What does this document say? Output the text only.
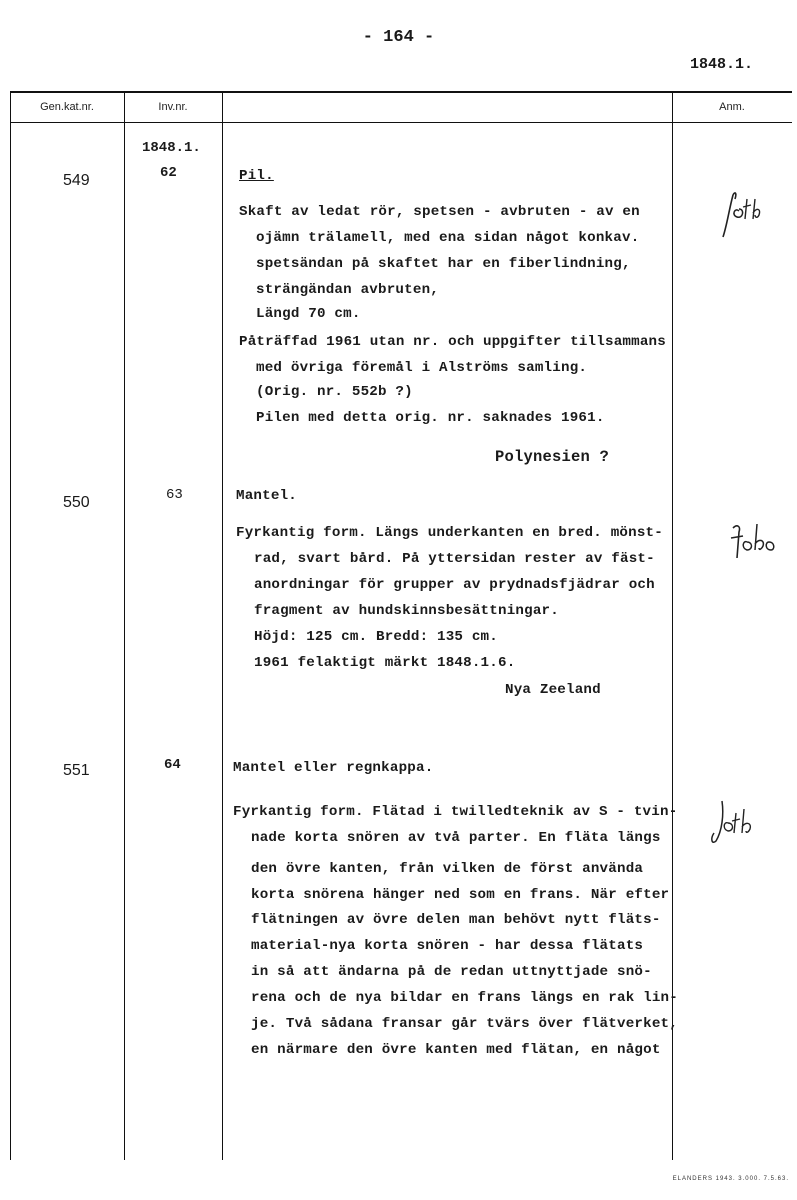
- 164 -
1848.1.
Gen.kat.nr.	Inv.nr.	Anm.
1848.1.
549	62	Pil.
Skaft av ledat rör, spetsen - avbruten - av en
ojämn trälamell, med ena sidan något konkav.
spetsändan på skaftet har en fiberlindning,
strängändan avbruten,
Längd 70 cm.
Påträffad 1961 utan nr. och uppgifter tillsammans
med övriga föremål i Alströms samling.
(Orig. nr. 552b ?)
Pilen med detta orig. nr. saknades 1961.
Polynesien ?
550	63	Mantel.
Fyrkantig form. Längs underkanten en bred. mönst-
rad, svart bård. På yttersidan rester av fäst-
anordningar för grupper av prydnadsfjädrar och
fragment av hundskinnsbesättningar.
Höjd: 125 cm. Bredd: 135 cm.
1961 felaktigt märkt 1848.1.6.
Nya Zeeland
551	64	Mantel eller regnkappa.
Fyrkantig form. Flätad i twilledteknik av S - tvin-
nade korta snören av två parter. En fläta längs
den övre kanten, från vilken de först använda
korta snörena hänger ned som en frans. När efter
flätningen av övre delen man behövt nytt fläts-
material-nya korta snören - har dessa flätats
in så att ändarna på de redan uttnyttjade snö-
rena och de nya bildar en frans längs en rak lin-
je. Två sådana fransar går tvärs över flätverket,
en närmare den övre kanten med flätan, en något
ELANDERS 1943. 3.000. 7.5.63.
